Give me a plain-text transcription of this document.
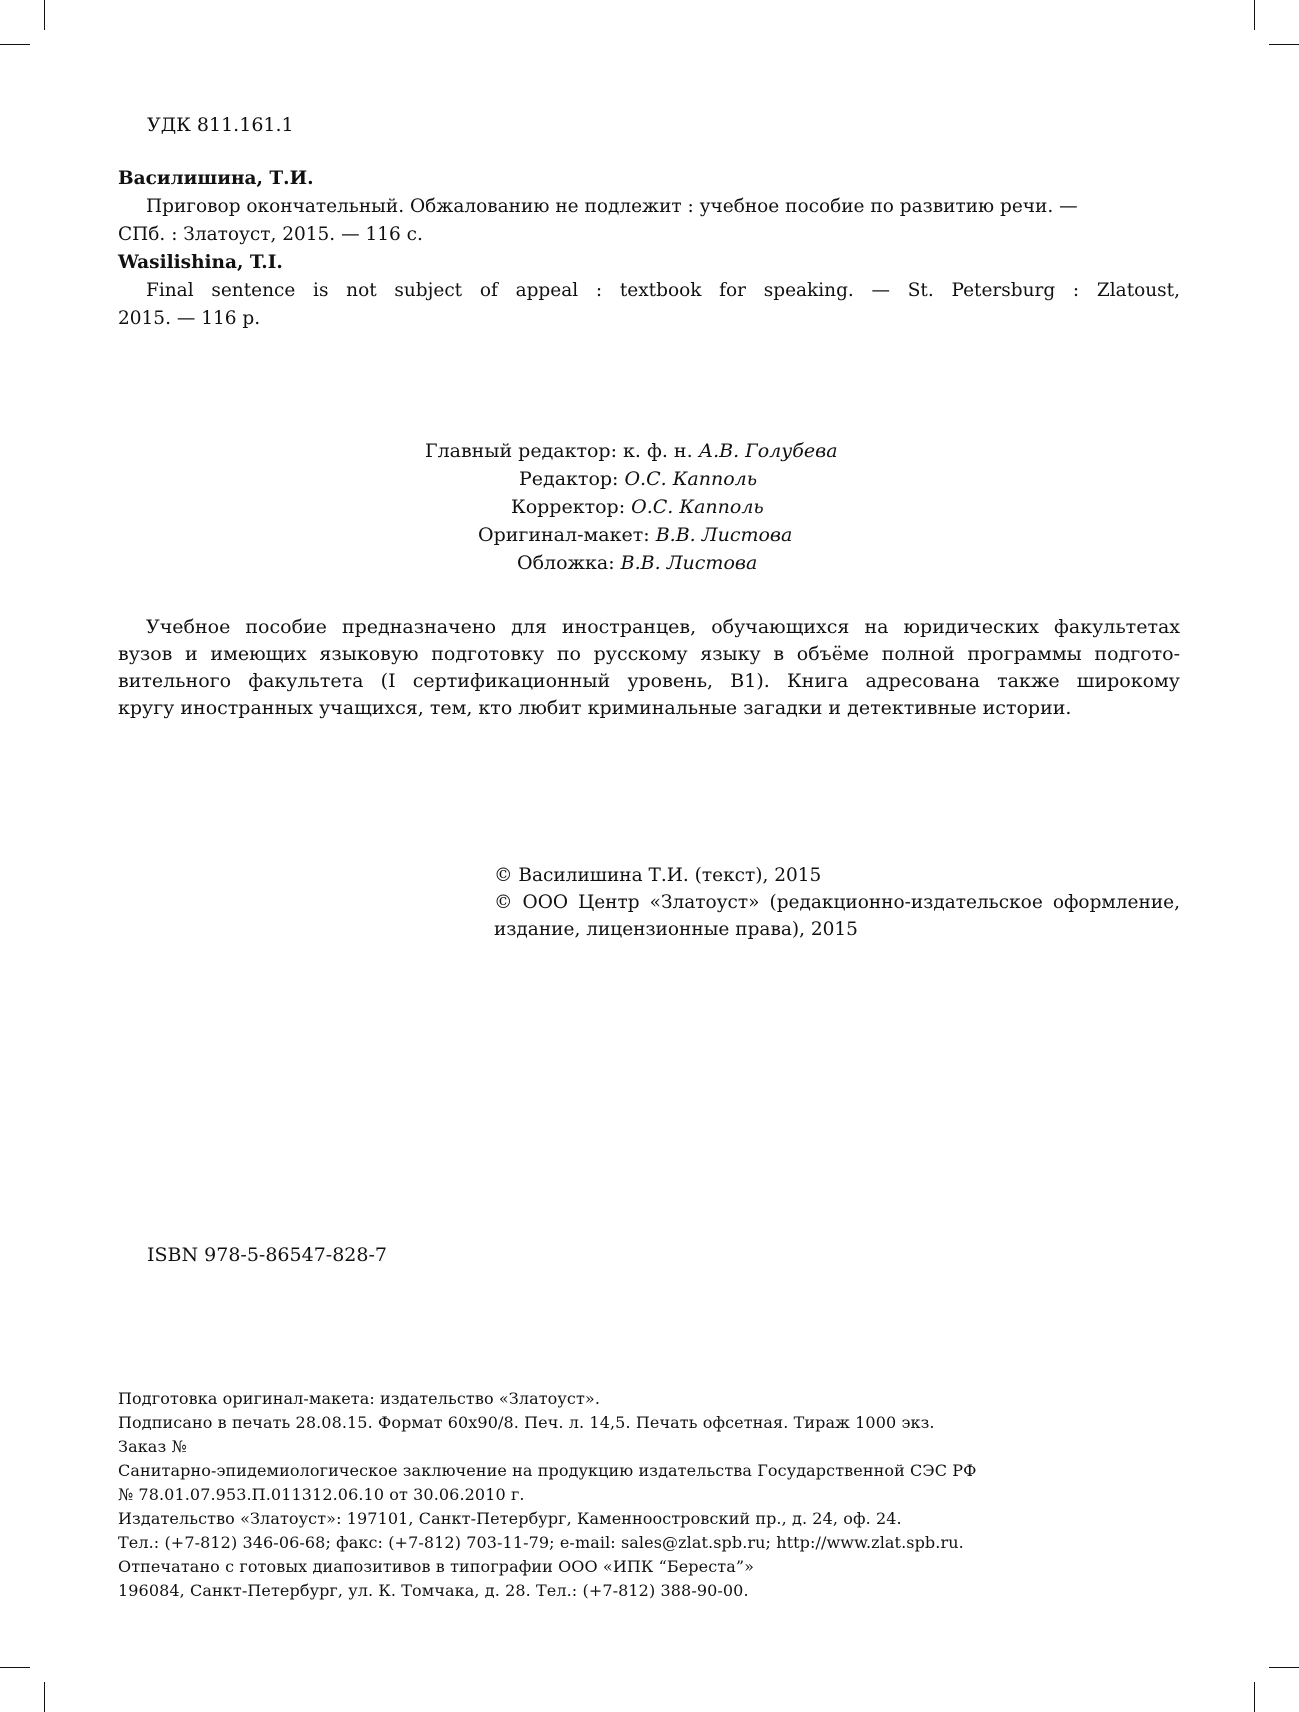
УДК 811.161.1

Василишина, Т.И.

Приговор окончательный. Обжалованию не подлежит : учебное пособие по развитию речи. —

СПб. : Златоуст, 2015. — 116 с.

Wasilishina, T.I.

Final sentence is not subject of appeal : textbook for speaking. — St. Petersburg : Zlatoust,

2015. — 116 p.

Главный редактор: к. ф. н. А.В. Голубева
Редактор: О.С. Капполь
Корректор: О.С. Капполь
Оригинал-макет: В.В. Листова
Обложка: В.В. Листова

Учебное пособие предназначено для иностранцев, обучающихся на юридических факультетах

вузов и имеющих языковую подготовку по русскому языку в объёме полной программы подгото-

вительного факультета (I сертификационный уровень, В1). Книга адресована также широкому

кругу иностранных учащихся, тем, кто любит криминальные загадки и детективные истории.

© Василишина Т.И. (текст), 2015

© ООО Центр «Златоуст» (редакционно-издательское оформление,

издание, лицензионные права), 2015

ISBN 978-5-86547-828-7

Подготовка оригинал-макета: издательство «Златоуст».

Подписано в печать 28.08.15. Формат 60х90/8. Печ. л. 14,5. Печать офсетная. Тираж 1000 экз.

Заказ №

Санитарно-эпидемиологическое заключение на продукцию издательства Государственной СЭС РФ

№ 78.01.07.953.П.011312.06.10 от 30.06.2010 г.

Издательство «Златоуст»: 197101, Санкт-Петербург, Каменноостровский пр., д. 24, оф. 24.

Тел.: (+7-812) 346-06-68; факс: (+7-812) 703-11-79; e-mail: sales@zlat.spb.ru; http://www.zlat.spb.ru.

Отпечатано с готовых диапозитивов в типографии ООО «ИПК “Береста”»

196084, Санкт-Петербург, ул. К. Томчака, д. 28. Тел.: (+7-812) 388-90-00.
